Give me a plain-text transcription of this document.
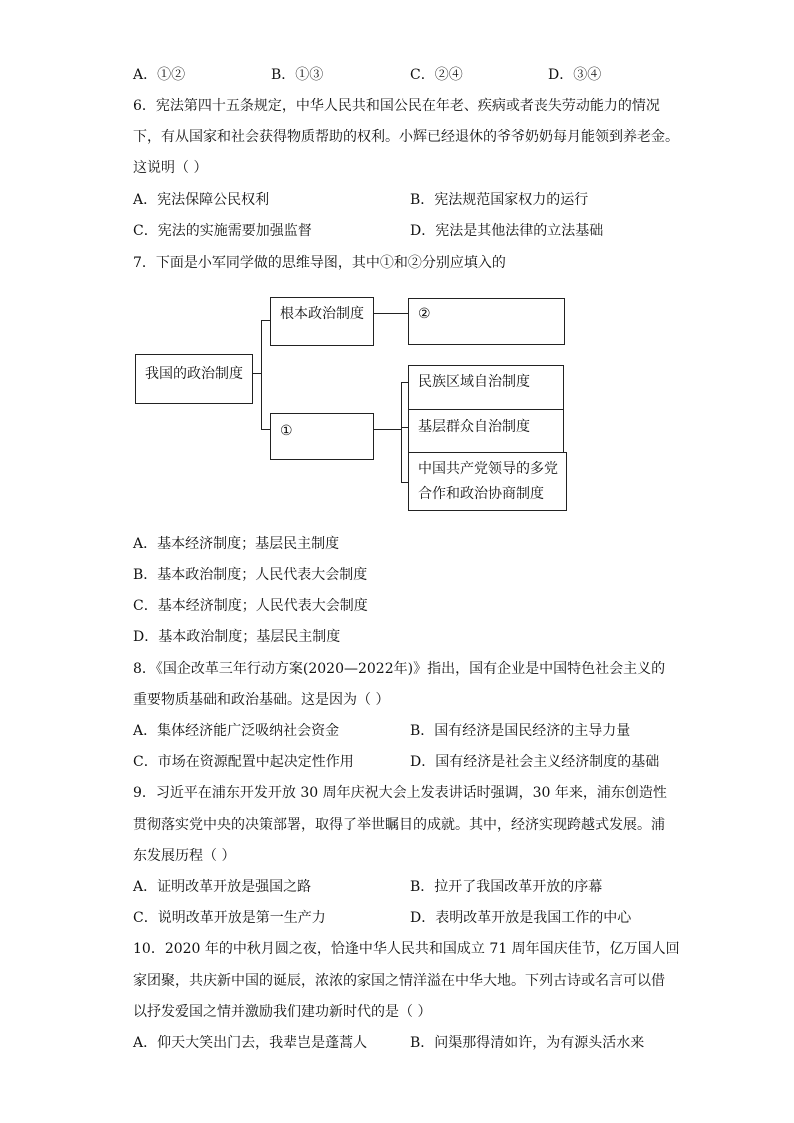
A．①②	B．①③	C．②④	D．③④
6．宪法第四十五条规定，中华人民共和国公民在年老、疾病或者丧失劳动能力的情况
下，有从国家和社会获得物质帮助的权利。小辉已经退休的爷爷奶奶每月能领到养老金。
这说明（ ）
A．宪法保障公民权利	B．宪法规范国家权力的运行
C．宪法的实施需要加强监督	D．宪法是其他法律的立法基础
7．下面是小军同学做的思维导图，其中①和②分别应填入的
我国的政治制度
根本政治制度	②
①
民族区域自治制度
基层群众自治制度
中国共产党领导的多党
合作和政治协商制度
A．基本经济制度；基层民主制度
B．基本政治制度；人民代表大会制度
C．基本经济制度；人民代表大会制度
D．基本政治制度；基层民主制度
8．《国企改革三年行动方案(2020—2022年)》指出，国有企业是中国特色社会主义的
重要物质基础和政治基础。这是因为（ ）
A．集体经济能广泛吸纳社会资金	B．国有经济是国民经济的主导力量
C．市场在资源配置中起决定性作用	D．国有经济是社会主义经济制度的基础
9．习近平在浦东开发开放 30 周年庆祝大会上发表讲话时强调，30 年来，浦东创造性
贯彻落实党中央的决策部署，取得了举世瞩目的成就。其中，经济实现跨越式发展。浦
东发展历程（ ）
A．证明改革开放是强国之路	B．拉开了我国改革开放的序幕
C．说明改革开放是第一生产力	D．表明改革开放是我国工作的中心
10．2020 年的中秋月圆之夜，恰逢中华人民共和国成立 71 周年国庆佳节，亿万国人回
家团聚，共庆新中国的诞辰，浓浓的家国之情洋溢在中华大地。下列古诗或名言可以借
以抒发爱国之情并激励我们建功新时代的是（ ）
A．仰天大笑出门去，我辈岂是蓬蒿人	B．问渠那得清如许，为有源头活水来
